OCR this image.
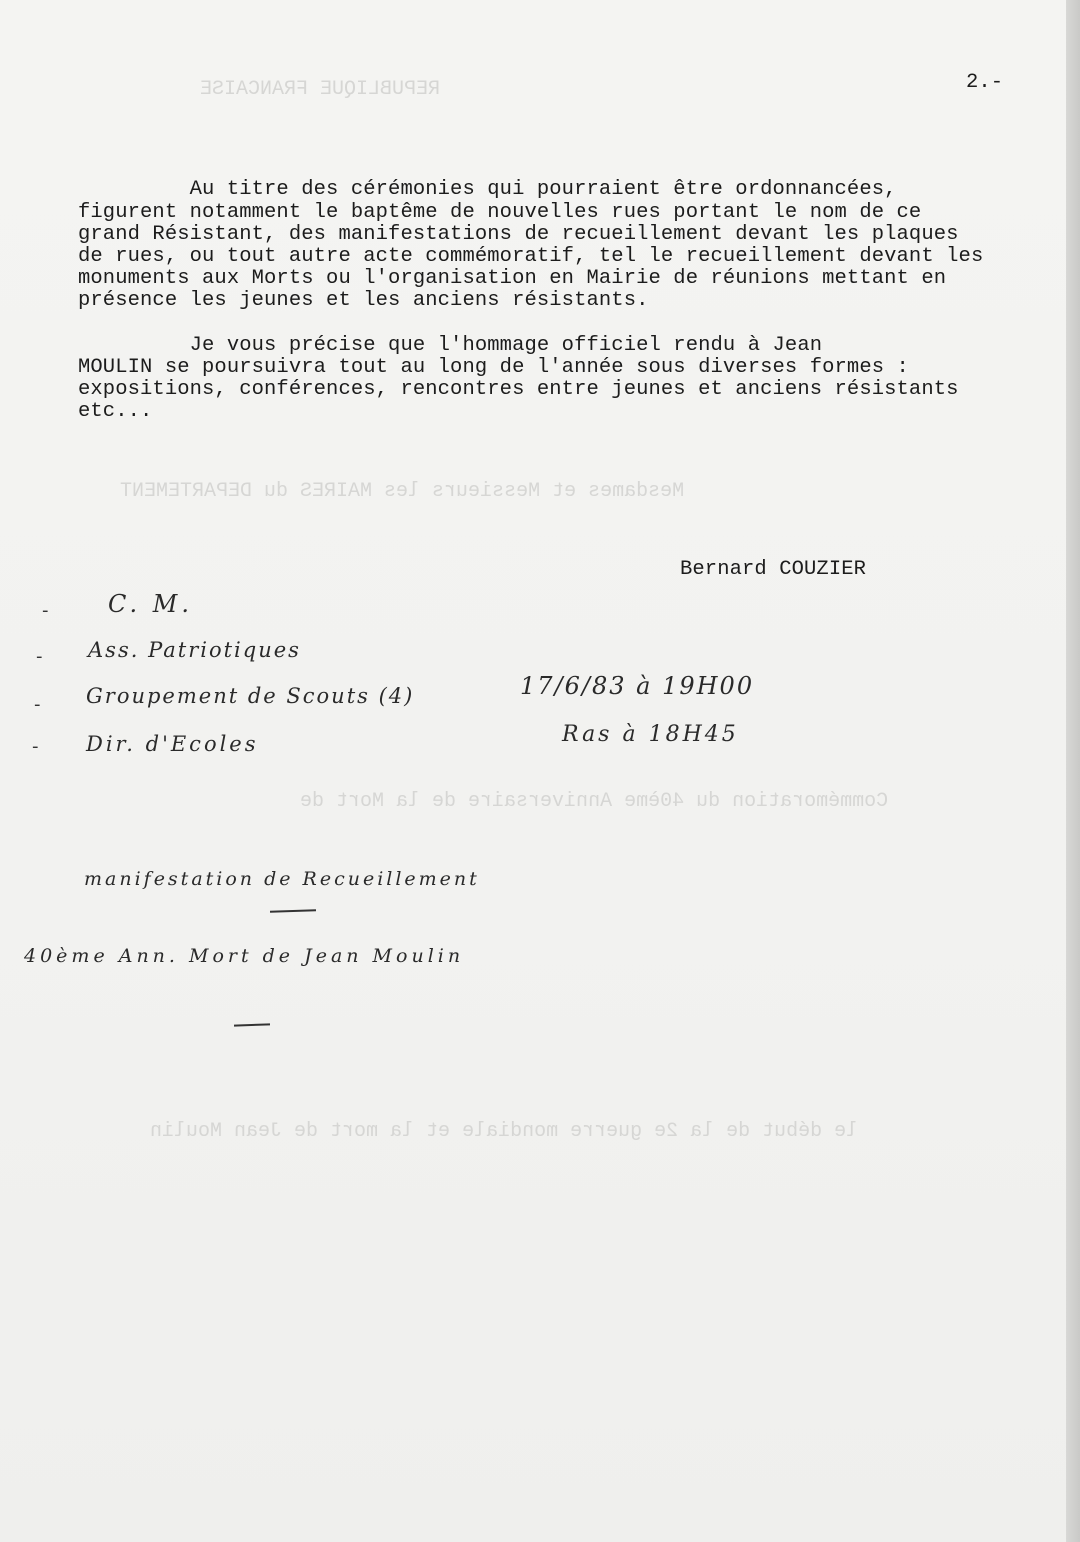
REPUBLIQUE FRANCAISE
Mesdames et Messieurs les MAIRES du DEPARTEMENT
Commémoration du 40ème Anniversaire de la Mort de
le début de la 2e guerre mondiale et la mort de Jean Moulin

2.-

Au titre des cérémonies qui pourraient être ordonnancées,

figurent notamment le baptême de nouvelles rues portant le nom de ce

grand Résistant, des manifestations de recueillement devant les plaques

de rues, ou tout autre acte commémoratif, tel le recueillement devant les

monuments aux Morts ou l'organisation en Mairie de réunions mettant en

présence les jeunes et les anciens résistants.

Je vous précise que l'hommage officiel rendu à Jean

MOULIN se poursuivra tout au long de l'année sous diverses formes :

expositions, conférences, rencontres entre jeunes et anciens résistants

etc...

Bernard COUZIER

- C. M.

- Ass. Patriotiques

- Groupement de Scouts (4)

- Dir. d'Ecoles

17/6/83 à 19H00

Ras à 18H45

manifestation de Recueillement

40ème Ann. Mort de Jean Moulin
